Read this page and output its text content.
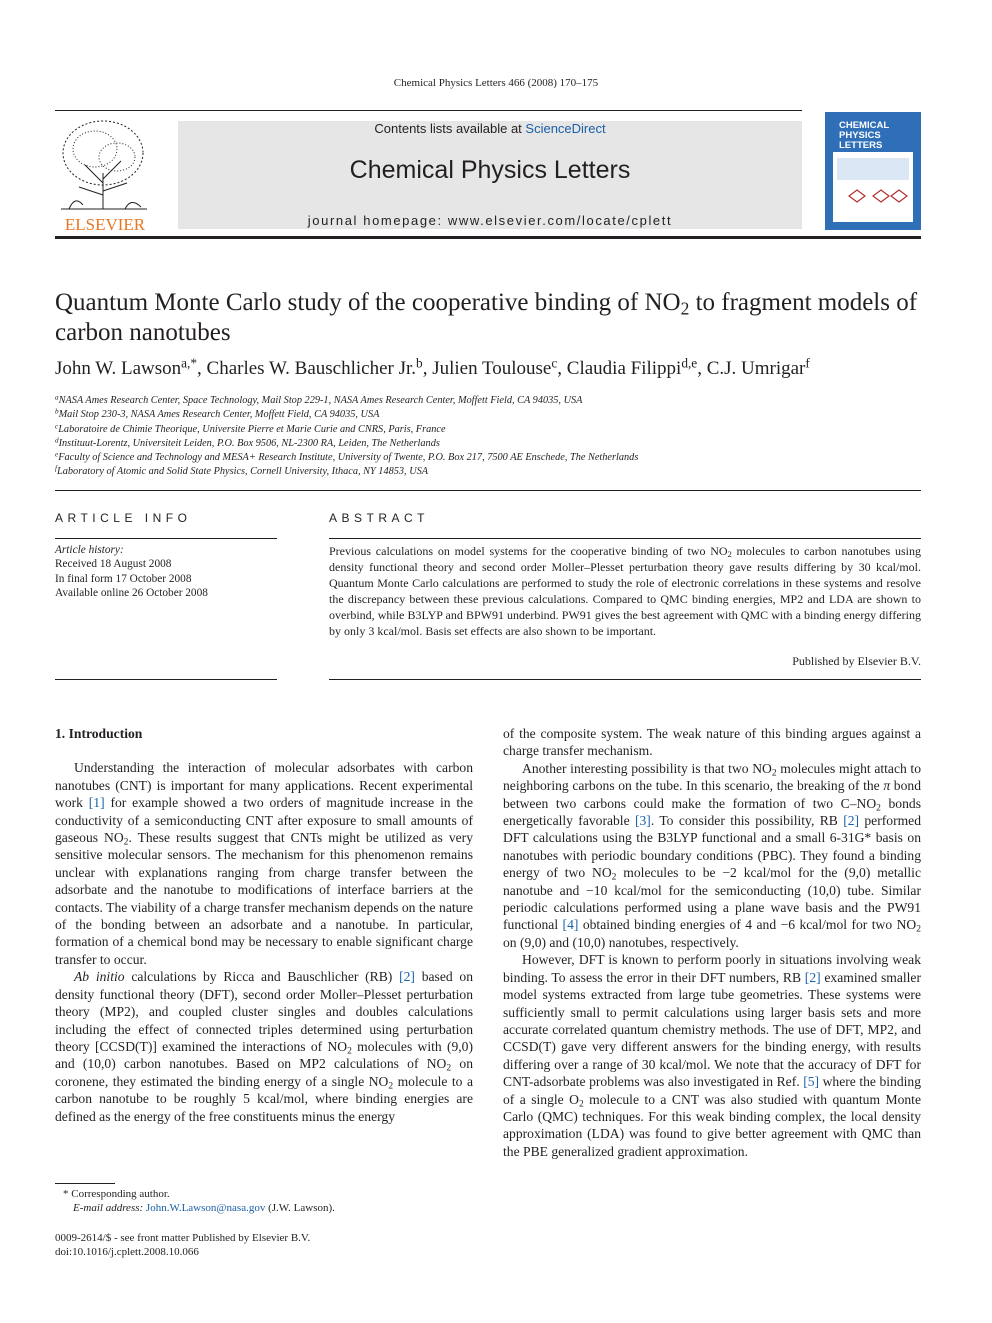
Chemical Physics Letters 466 (2008) 170–175
ELSEVIER
Contents lists available at ScienceDirect
Chemical Physics Letters
journal homepage: www.elsevier.com/locate/cplett
CHEMICAL
PHYSICS
LETTERS
Quantum Monte Carlo study of the cooperative binding of $NO_2$ to fragment models of carbon nanotubes
John W. Lawson$^{a,*}$, Charles W. Bauschlicher Jr.$^b$, Julien Toulouse$^c$, Claudia Filippi$^{d,e}$, C.J. Umrigar$^f$
$^a$NASA Ames Research Center, Space Technology, Mail Stop 229-1, NASA Ames Research Center, Moffett Field, CA 94035, USA
$^b$Mail Stop 230-3, NASA Ames Research Center, Moffett Field, CA 94035, USA
$^c$Laboratoire de Chimie Theorique, Universite Pierre et Marie Curie and CNRS, Paris, France
$^d$Instituut-Lorentz, Universiteit Leiden, P.O. Box 9506, NL-2300 RA, Leiden, The Netherlands
$^e$Faculty of Science and Technology and MESA+ Research Institute, University of Twente, P.O. Box 217, 7500 AE Enschede, The Netherlands
$^f$Laboratory of Atomic and Solid State Physics, Cornell University, Ithaca, NY 14853, USA
ARTICLE INFO
Article history:
Received 18 August 2008
In final form 17 October 2008
Available online 26 October 2008
ABSTRACT
Previous calculations on model systems for the cooperative binding of two $NO_2$ molecules to carbon nanotubes using density functional theory and second order Moller–Plesset perturbation theory gave results differing by 30 kcal/mol. Quantum Monte Carlo calculations are performed to study the role of electronic correlations in these systems and resolve the discrepancy between these previous calculations. Compared to QMC binding energies, MP2 and LDA are shown to overbind, while B3LYP and BPW91 underbind. PW91 gives the best agreement with QMC with a binding energy differing by only 3 kcal/mol. Basis set effects are also shown to be important.
Published by Elsevier B.V.
1. Introduction

Understanding the interaction of molecular adsorbates with carbon nanotubes (CNT) is important for many applications. Recent experimental work [1] for example showed a two orders of magnitude increase in the conductivity of a semiconducting CNT after exposure to small amounts of gaseous $NO_2$. These results suggest that CNTs might be utilized as very sensitive molecular sensors. The mechanism for this phenomenon remains unclear with explanations ranging from charge transfer between the adsorbate and the nanotube to modifications of interface barriers at the contacts. The viability of a charge transfer mechanism depends on the nature of the bonding between an adsorbate and a nanotube. In particular, formation of a chemical bond may be necessary to enable significant charge transfer to occur.

Ab initio calculations by Ricca and Bauschlicher (RB) [2] based on density functional theory (DFT), second order Moller–Plesset perturbation theory (MP2), and coupled cluster singles and doubles calculations including the effect of connected triples determined using perturbation theory [CCSD(T)] examined the interactions of $NO_2$ molecules with (9,0) and (10,0) carbon nanotubes. Based on MP2 calculations of $NO_2$ on coronene, they estimated the binding energy of a single $NO_2$ molecule to a carbon nanotube to be roughly 5 kcal/mol, where binding energies are defined as the energy of the free constituents minus the energy

of the composite system. The weak nature of this binding argues against a charge transfer mechanism.

Another interesting possibility is that two $NO_2$ molecules might attach to neighboring carbons on the tube. In this scenario, the breaking of the π bond between two carbons could make the formation of two $C-NO_2$ bonds energetically favorable [3]. To consider this possibility, RB [2] performed DFT calculations using the B3LYP functional and a small 6-31G* basis on nanotubes with periodic boundary conditions (PBC). They found a binding energy of two $NO_2$ molecules to be −2 kcal/mol for the (9,0) metallic nanotube and −10 kcal/mol for the semiconducting (10,0) tube. Similar periodic calculations performed using a plane wave basis and the PW91 functional [4] obtained binding energies of 4 and −6 kcal/mol for two $NO_2$ on (9,0) and (10,0) nanotubes, respectively.

However, DFT is known to perform poorly in situations involving weak binding. To assess the error in their DFT numbers, RB [2] examined smaller model systems extracted from large tube geometries. These systems were sufficiently small to permit calculations using larger basis sets and more accurate correlated quantum chemistry methods. The use of DFT, MP2, and CCSD(T) gave very different answers for the binding energy, with results differing over a range of 30 kcal/mol. We note that the accuracy of DFT for CNT-adsorbate problems was also investigated in Ref. [5] where the binding of a single $O_2$ molecule to a CNT was also studied with quantum Monte Carlo (QMC) techniques. For this weak binding complex, the local density approximation (LDA) was found to give better agreement with QMC than the PBE generalized gradient approximation.

* Corresponding author.
E-mail address: John.W.Lawson@nasa.gov (J.W. Lawson).
0009-2614/$ - see front matter Published by Elsevier B.V.
doi:10.1016/j.cplett.2008.10.066
